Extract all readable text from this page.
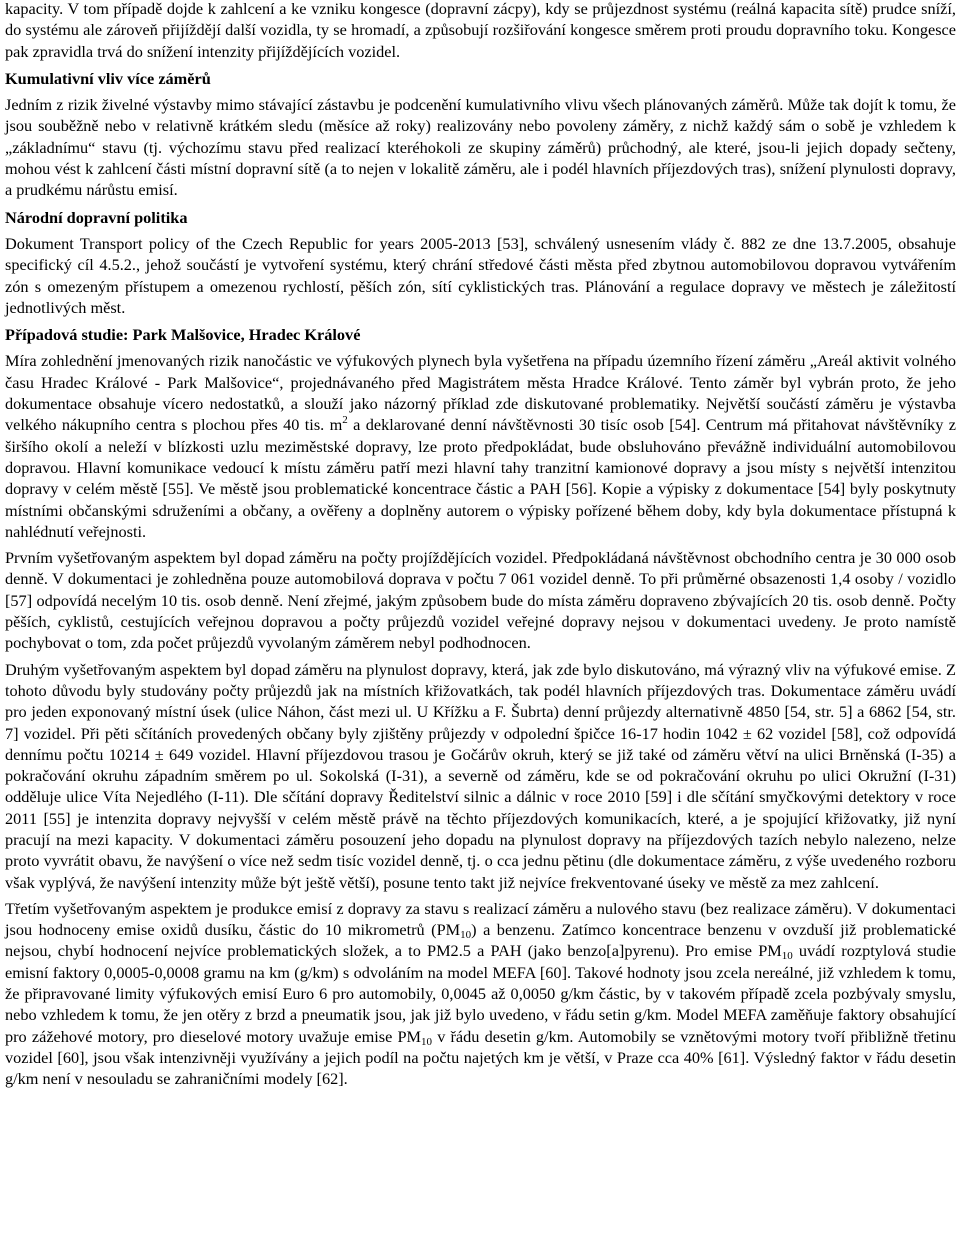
kapacity. V tom případě dojde k zahlcení a ke vzniku kongesce (dopravní zácpy), kdy se průjezdnost systému (reálná kapacita sítě) prudce sníží, do systému ale zároveň přijíždějí další vozidla, ty se hromadí, a způsobují rozšiřování kongesce směrem proti proudu dopravního toku. Kongesce pak zpravidla trvá do snížení intenzity přijíždějících vozidel.

Kumulativní vliv více záměrů

Jedním z rizik živelné výstavby mimo stávající zástavbu je podcenění kumulativního vlivu všech plánovaných záměrů. Může tak dojít k tomu, že jsou souběžně nebo v relativně krátkém sledu (měsíce až roky) realizovány nebo povoleny záměry, z nichž každý sám o sobě je vzhledem k „základnímu“ stavu (tj. výchozímu stavu před realizací kteréhokoli ze skupiny záměrů) průchodný, ale které, jsou-li jejich dopady sečteny, mohou vést k zahlcení části místní dopravní sítě (a to nejen v lokalitě záměru, ale i podél hlavních příjezdových tras), snížení plynulosti dopravy, a prudkému nárůstu emisí.

Národní dopravní politika

Dokument Transport policy of the Czech Republic for years 2005-2013 [53], schválený usnesením vlády č. 882 ze dne 13.7.2005, obsahuje specifický cíl 4.5.2., jehož součástí je vytvoření systému, který chrání středové části města před zbytnou automobilovou dopravou vytvářením zón s omezeným přístupem a omezenou rychlostí, pěších zón, sítí cyklistických tras. Plánování a regulace dopravy ve městech je záležitostí jednotlivých měst.

Případová studie: Park Malšovice, Hradec Králové

Míra zohlednění jmenovaných rizik nanočástic ve výfukových plynech byla vyšetřena na případu územního řízení záměru „Areál aktivit volného času Hradec Králové - Park Malšovice“, projednávaného před Magistrátem města Hradce Králové. Tento záměr byl vybrán proto, že jeho dokumentace obsahuje vícero nedostatků, a slouží jako názorný příklad zde diskutované problematiky. Největší součástí záměru je výstavba velkého nákupního centra s plochou přes 40 tis. $m^2$ a deklarované denní návštěvnosti 30 tisíc osob [54]. Centrum má přitahovat návštěvníky z širšího okolí a neleží v blízkosti uzlu meziměstské dopravy, lze proto předpokládat, bude obsluhováno převážně individuální automobilovou dopravou. Hlavní komunikace vedoucí k místu záměru patří mezi hlavní tahy tranzitní kamionové dopravy a jsou místy s největší intenzitou dopravy v celém městě [55]. Ve městě jsou problematické koncentrace částic a PAH [56]. Kopie a výpisky z dokumentace [54] byly poskytnuty místními občanskými sdruženími a občany, a ověřeny a doplněny autorem o výpisky pořízené během doby, kdy byla dokumentace přístupná k nahlédnutí veřejnosti.

Prvním vyšetřovaným aspektem byl dopad záměru na počty projíždějících vozidel. Předpokládaná návštěvnost obchodního centra je 30 000 osob denně. V dokumentaci je zohledněna pouze automobilová doprava v počtu 7 061 vozidel denně. To při průměrné obsazenosti 1,4 osoby / vozidlo [57] odpovídá necelým 10 tis. osob denně. Není zřejmé, jakým způsobem bude do místa záměru dopraveno zbývajících 20 tis. osob denně. Počty pěších, cyklistů, cestujících veřejnou dopravou a počty průjezdů vozidel veřejné dopravy nejsou v dokumentaci uvedeny. Je proto namístě pochybovat o tom, zda počet průjezdů vyvolaným záměrem nebyl podhodnocen.

Druhým vyšetřovaným aspektem byl dopad záměru na plynulost dopravy, která, jak zde bylo diskutováno, má výrazný vliv na výfukové emise. Z tohoto důvodu byly studovány počty průjezdů jak na místních křižovatkách, tak podél hlavních příjezdových tras. Dokumentace záměru uvádí pro jeden exponovaný místní úsek (ulice Náhon, část mezi ul. U Křížku a F. Šubrta) denní průjezdy alternativně 4850 [54, str. 5] a 6862 [54, str. 7] vozidel. Při pěti sčítáních provedených občany byly zjištěny průjezdy v odpolední špičce 16-17 hodin 1042 ± 62 vozidel [58], což odpovídá dennímu počtu 10214 ± 649 vozidel. Hlavní příjezdovou trasou je Gočárův okruh, který se již také od záměru větví na ulici Brněnská (I-35) a pokračování okruhu západním směrem po ul. Sokolská (I-31), a severně od záměru, kde se od pokračování okruhu po ulici Okružní (I-31) odděluje ulice Víta Nejedlého (I-11). Dle sčítání dopravy Ředitelství silnic a dálnic v roce 2010 [59] i dle sčítání smyčkovými detektory v roce 2011 [55] je intenzita dopravy nejvyšší v celém městě právě na těchto příjezdových komunikacích, které, a je spojující křižovatky, již nyní pracují na mezi kapacity. V dokumentaci záměru posouzení jeho dopadu na plynulost dopravy na příjezdových tazích nebylo nalezeno, nelze proto vyvrátit obavu, že navýšení o více než sedm tisíc vozidel denně, tj. o cca jednu pětinu (dle dokumentace záměru, z výše uvedeného rozboru však vyplývá, že navýšení intenzity může být ještě větší), posune tento takt již nejvíce frekventované úseky ve městě za mez zahlcení.

Třetím vyšetřovaným aspektem je produkce emisí z dopravy za stavu s realizací záměru a nulového stavu (bez realizace záměru). V dokumentaci jsou hodnoceny emise oxidů dusíku, částic do 10 mikrometrů $(PM_{10})$ a benzenu. Zatímco koncentrace benzenu v ovzduší již problematické nejsou, chybí hodnocení nejvíce problematických složek, a to PM2.5 a PAH (jako benzo[a]pyrenu). Pro emise $PM_{10}$ uvádí rozptylová studie emisní faktory 0,0005-0,0008 gramu na km (g/km) s odvoláním na model MEFA [60]. Takové hodnoty jsou zcela nereálné, již vzhledem k tomu, že připravované limity výfukových emisí Euro 6 pro automobily, 0,0045 až 0,0050 g/km částic, by v takovém případě zcela pozbývaly smyslu, nebo vzhledem k tomu, že jen otěry z brzd a pneumatik jsou, jak již bylo uvedeno, v řádu setin g/km. Model MEFA zaměňuje faktory obsahující pro zážehové motory, pro dieselové motory uvažuje emise $PM_{10}$ v řádu desetin g/km. Automobily se vznětovými motory tvoří přibližně třetinu vozidel [60], jsou však intenzivněji využívány a jejich podíl na počtu najetých km je větší, v Praze cca 40% [61]. Výsledný faktor v řádu desetin g/km není v nesouladu se zahraničními modely [62].
